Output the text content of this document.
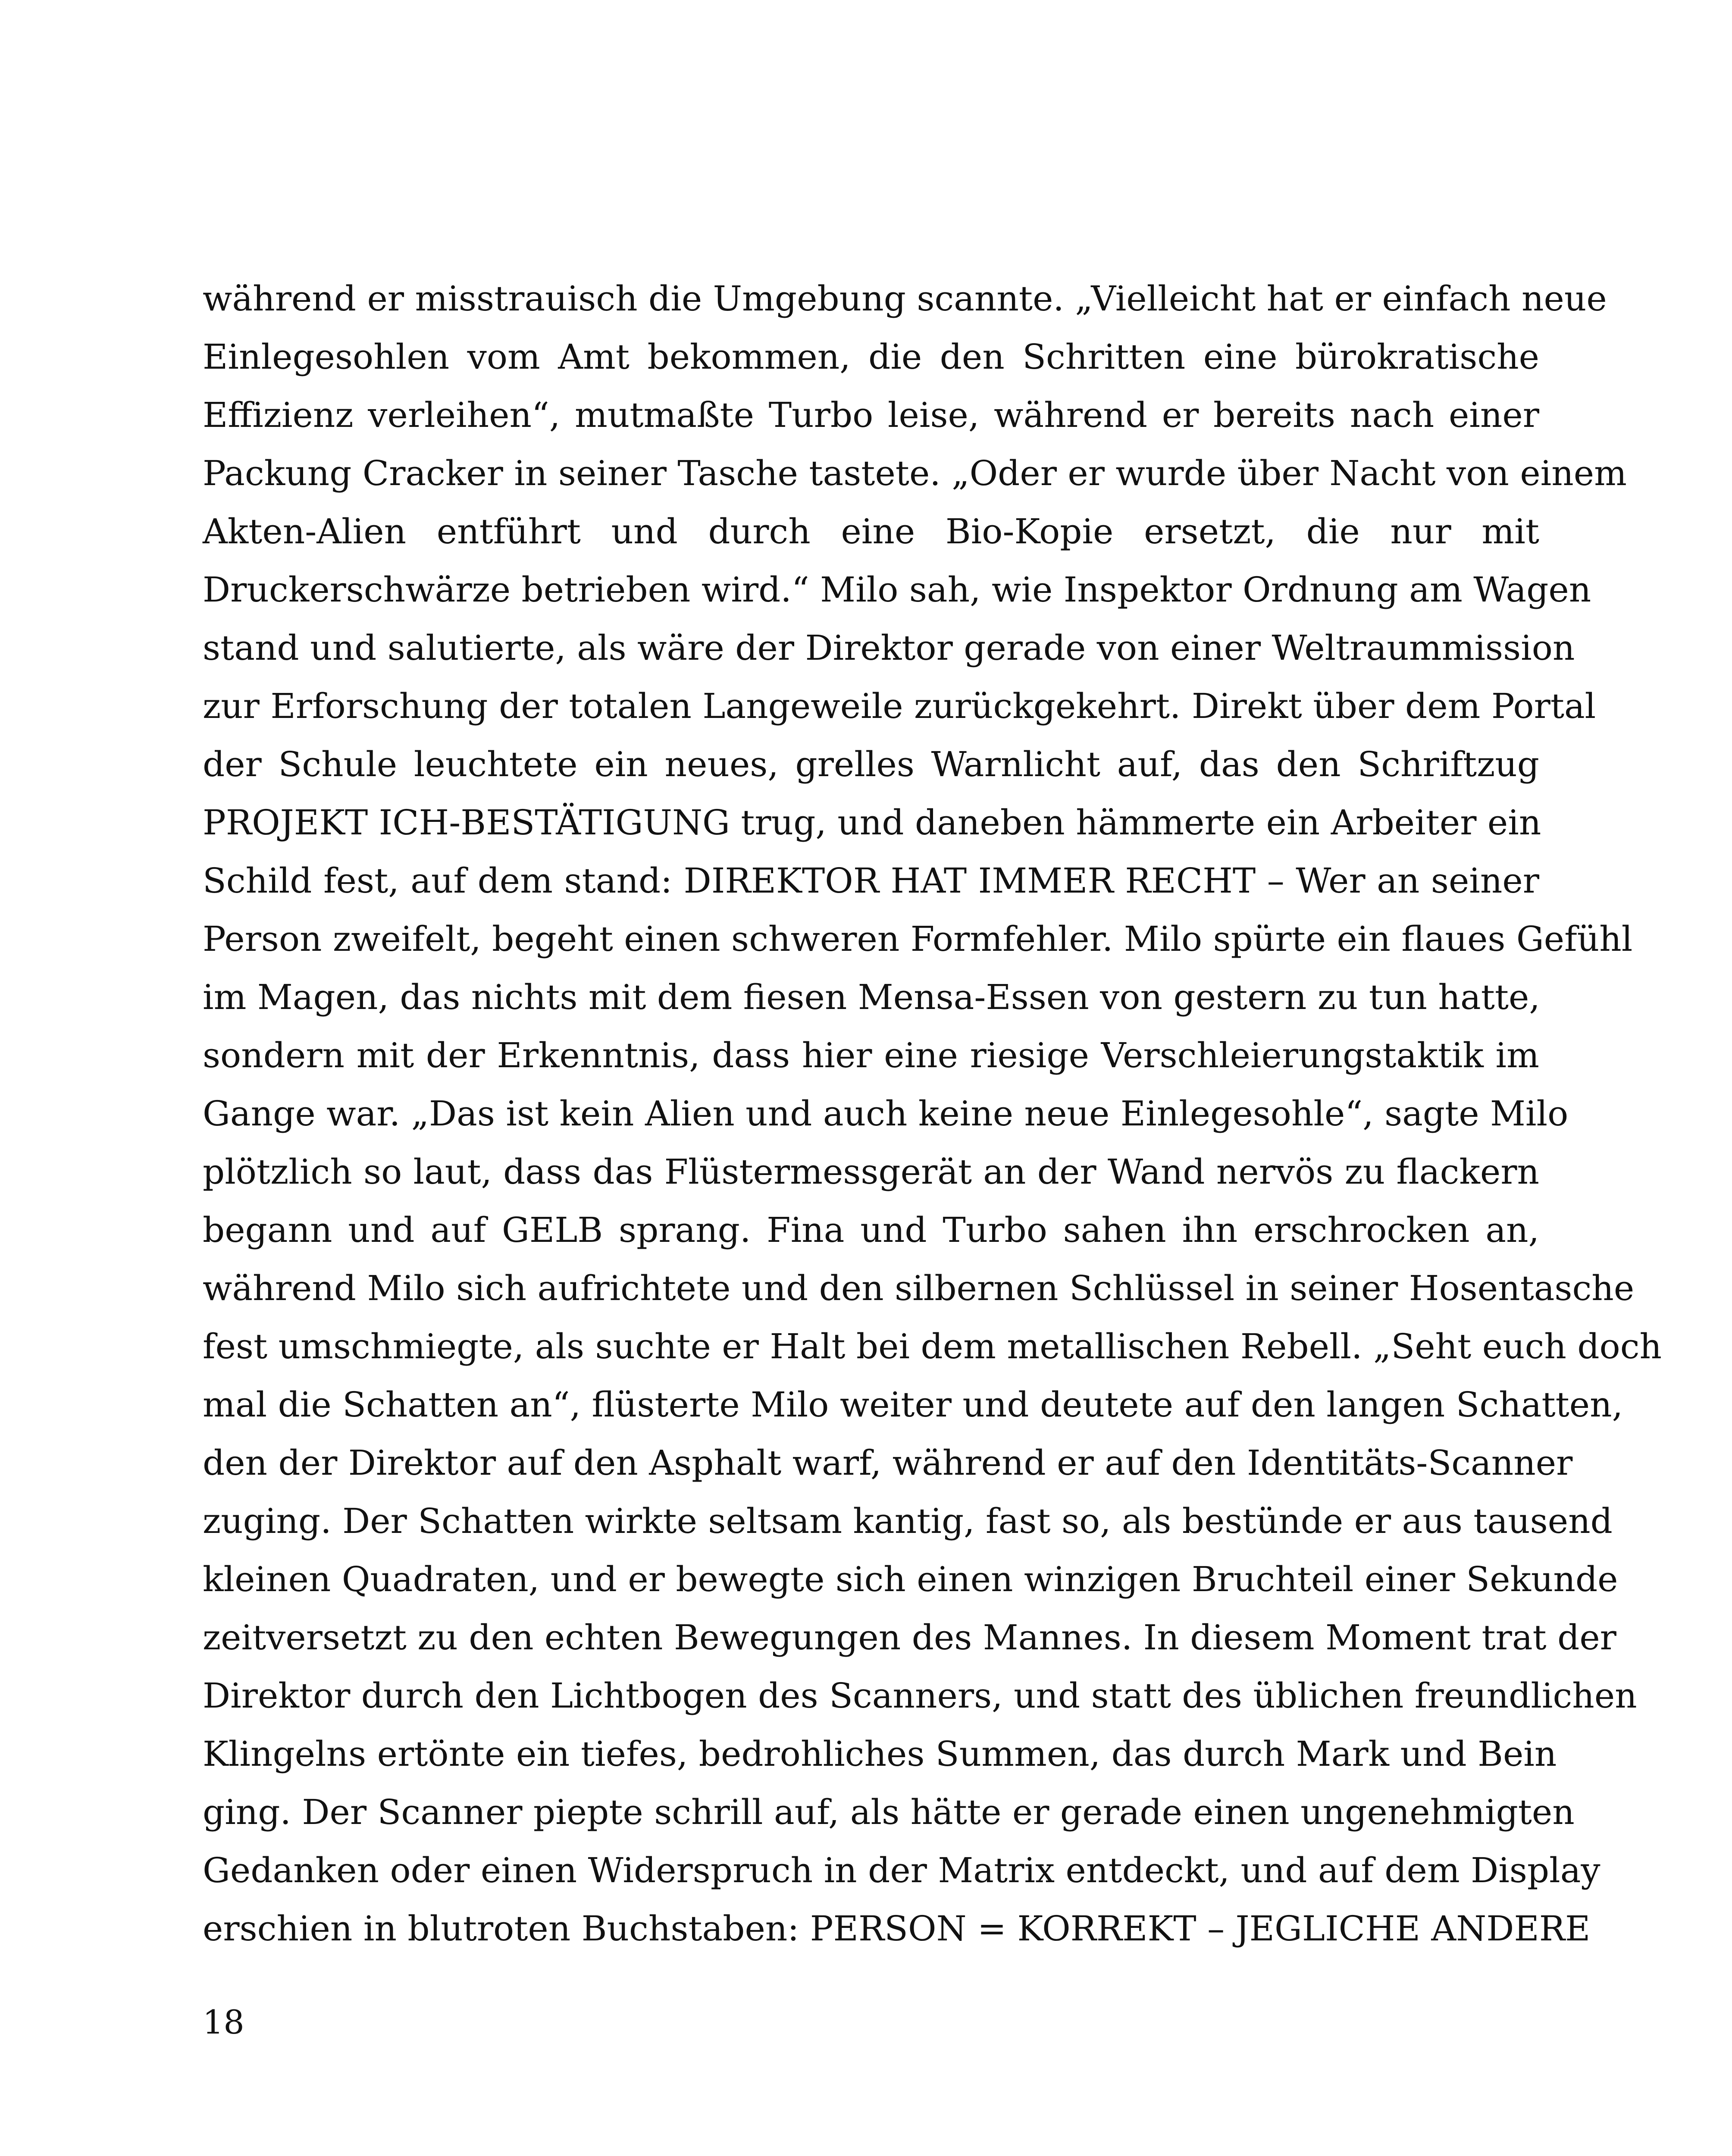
während er misstrauisch die Umgebung scannte. „Vielleicht hat er einfach neue
Einlegesohlen vom Amt bekommen, die den Schritten eine bürokratische
Effizienz verleihen“, mutmaßte Turbo leise, während er bereits nach einer
Packung Cracker in seiner Tasche tastete. „Oder er wurde über Nacht von einem
Akten-Alien entführt und durch eine Bio-Kopie ersetzt, die nur mit
Druckerschwärze betrieben wird.“ Milo sah, wie Inspektor Ordnung am Wagen
stand und salutierte, als wäre der Direktor gerade von einer Weltraummission
zur Erforschung der totalen Langeweile zurückgekehrt. Direkt über dem Portal
der Schule leuchtete ein neues, grelles Warnlicht auf, das den Schriftzug
PROJEKT ICH-BESTÄTIGUNG trug, und daneben hämmerte ein Arbeiter ein
Schild fest, auf dem stand: DIREKTOR HAT IMMER RECHT – Wer an seiner
Person zweifelt, begeht einen schweren Formfehler. Milo spürte ein flaues Gefühl
im Magen, das nichts mit dem fiesen Mensa-Essen von gestern zu tun hatte,
sondern mit der Erkenntnis, dass hier eine riesige Verschleierungstaktik im
Gange war. „Das ist kein Alien und auch keine neue Einlegesohle“, sagte Milo
plötzlich so laut, dass das Flüstermessgerät an der Wand nervös zu flackern
begann und auf GELB sprang. Fina und Turbo sahen ihn erschrocken an,
während Milo sich aufrichtete und den silbernen Schlüssel in seiner Hosentasche
fest umschmiegte, als suchte er Halt bei dem metallischen Rebell. „Seht euch doch
mal die Schatten an“, flüsterte Milo weiter und deutete auf den langen Schatten,
den der Direktor auf den Asphalt warf, während er auf den Identitäts-Scanner
zuging. Der Schatten wirkte seltsam kantig, fast so, als bestünde er aus tausend
kleinen Quadraten, und er bewegte sich einen winzigen Bruchteil einer Sekunde
zeitversetzt zu den echten Bewegungen des Mannes. In diesem Moment trat der
Direktor durch den Lichtbogen des Scanners, und statt des üblichen freundlichen
Klingelns ertönte ein tiefes, bedrohliches Summen, das durch Mark und Bein
ging. Der Scanner piepte schrill auf, als hätte er gerade einen ungenehmigten
Gedanken oder einen Widerspruch in der Matrix entdeckt, und auf dem Display
erschien in blutroten Buchstaben: PERSON = KORREKT – JEGLICHE ANDERE
18
